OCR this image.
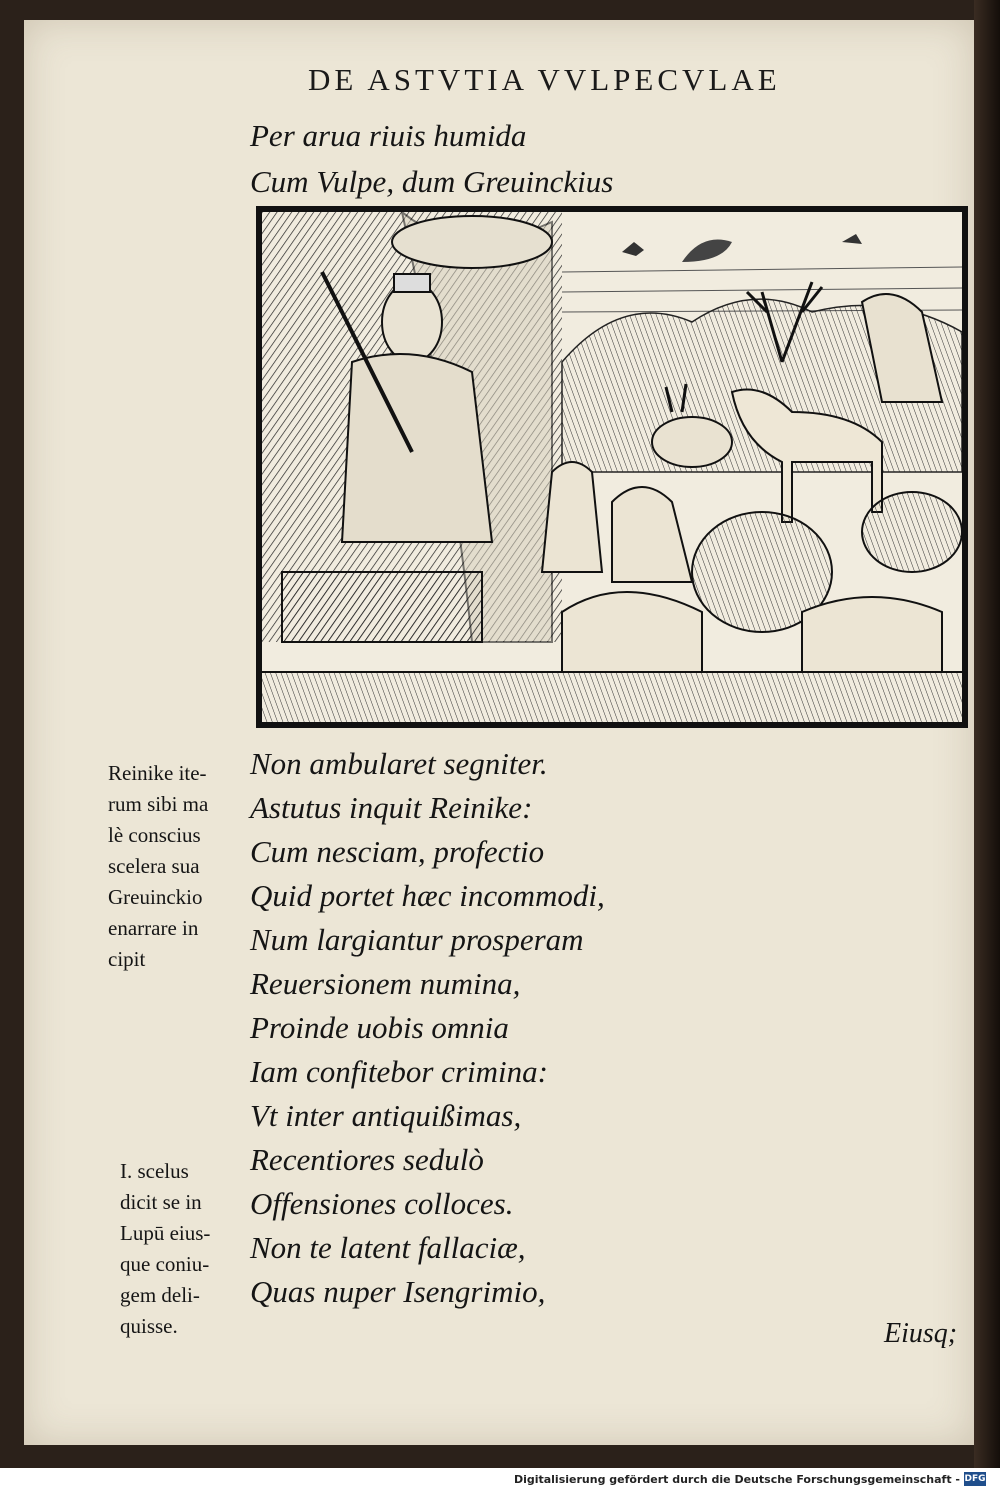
DE ASTVTIA VVLPECVLAE
Per arua riuis humida
Cum Vulpe, dum Greuinckius
Non ambularet segniter.
Astutus inquit Reinike:
Cum nesciam, profectio
Quid portet hæc incommodi,
Num largiantur prosperam
Reuersionem numina,
Proinde uobis omnia
Iam confitebor crimina:
Vt inter antiquißimas,
Recentiores sedulò
Offensiones colloces.
Non te latent fallaciæ,
Quas nuper Isengrimio,
Reinike ite-
rum sibi ma
lè conscius
scelera sua
Greuinckio
enarrare in
cipit
I. scelus
dicit se in
Lupū eius-
que coniu-
gem deli-
quisse.	Eiusq;
Digitalisierung gefördert durch die Deutsche Forschungsgemeinschaft - DFG
